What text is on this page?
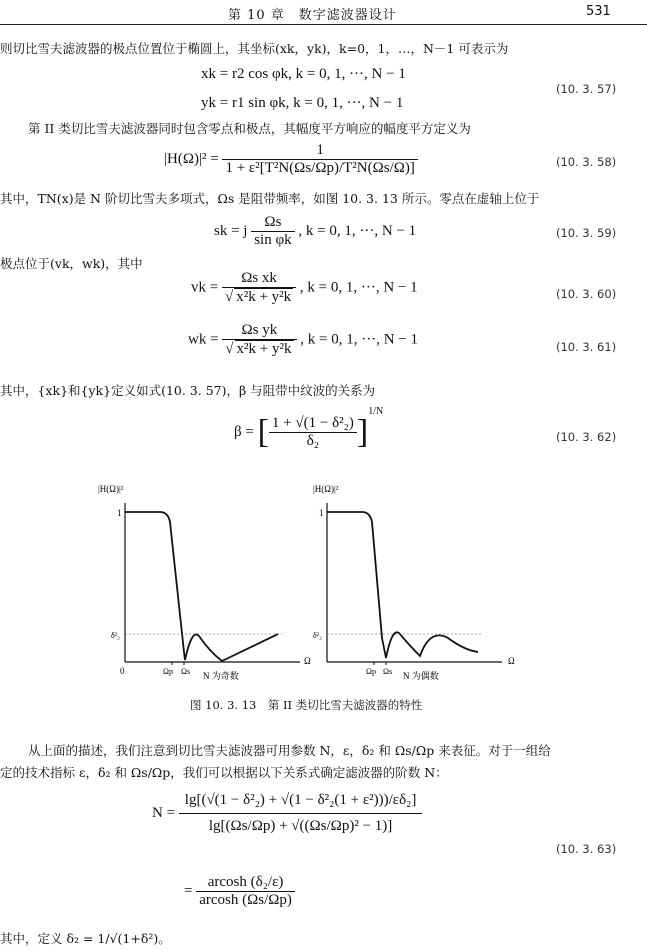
第 10 章　数字滤波器设计	531
则切比雪夫滤波器的极点位置位于椭圆上，其坐标(xk，yk)，k=0，1，…，N－1 可表示为
xk = r2 cos φk, k = 0, 1, ···, N − 1
yk = r1 sin φk, k = 0, 1, ···, N − 1
(10. 3. 57)
第 II 类切比雪夫滤波器同时包含零点和极点，其幅度平方响应的幅度平方定义为
$|H(\Omega)|^2 = \frac{1}{\text{1 + ε²[T²N(Ωs/Ωp)/T²N(Ωs/Ω)]}}$	(10. 3. 58)
其中，TN(x)是 N 阶切比雪夫多项式，Ωs 是阻带频率，如图 10. 3. 13 所示。零点在虚轴上位于
sk = j $\frac{\Omega s}{\text{sin φk}}$ , k = 0, 1, ···, N − 1	(10. 3. 59)
极点位于(vk，wk)，其中
vk = $\frac{\text{Ωs xk}}{\text{√ x²k + y²k}}$ , k = 0, 1, ···, N − 1	(10. 3. 60)
wk = $\frac{\text{Ωs yk}}{\text{√ x²k + y²k}}$ , k = 0, 1, ···, N − 1	(10. 3. 61)
其中，{xk}和{yk}定义如式(10. 3. 57)，β 与阻带中纹波的关系为
β = [ $\frac{\text{1 + √(1 − δ²₂)}}{\text{δ₂}} ]^{1/N}$
(10. 3. 62)
|H(Ω)|²
1
δ²₂
0
Ω
Ωp Ωs N 为奇数
|H(Ω)|²
1
δ²₂
Ω
Ωp Ωs N 为偶数
图 10. 3. 13　第 II 类切比雪夫滤波器的特性
从上面的描述，我们注意到切比雪夫滤波器可用参数 N，ε，δ₂ 和 Ωs/Ωp 来表征。对于一组给
定的技术指标 ε，δ₂ 和 Ωs/Ωp，我们可以根据以下关系式确定滤波器的阶数 N：
$N = \frac{\text{lg[(√(1 − δ²₂) + √(1 − δ²₂(1 + ε²)))/εδ₂]}}{\text{lg[(Ωs/Ωp) + √((Ωs/Ωp)² − 1)]}}$
(10. 3. 63)
= $\frac{\text{arcosh (δ₂/ε)}}{arcosh (\Omega s/\Omega p)}$
其中，定义 δ₂ = 1/√(1+δ²)。
